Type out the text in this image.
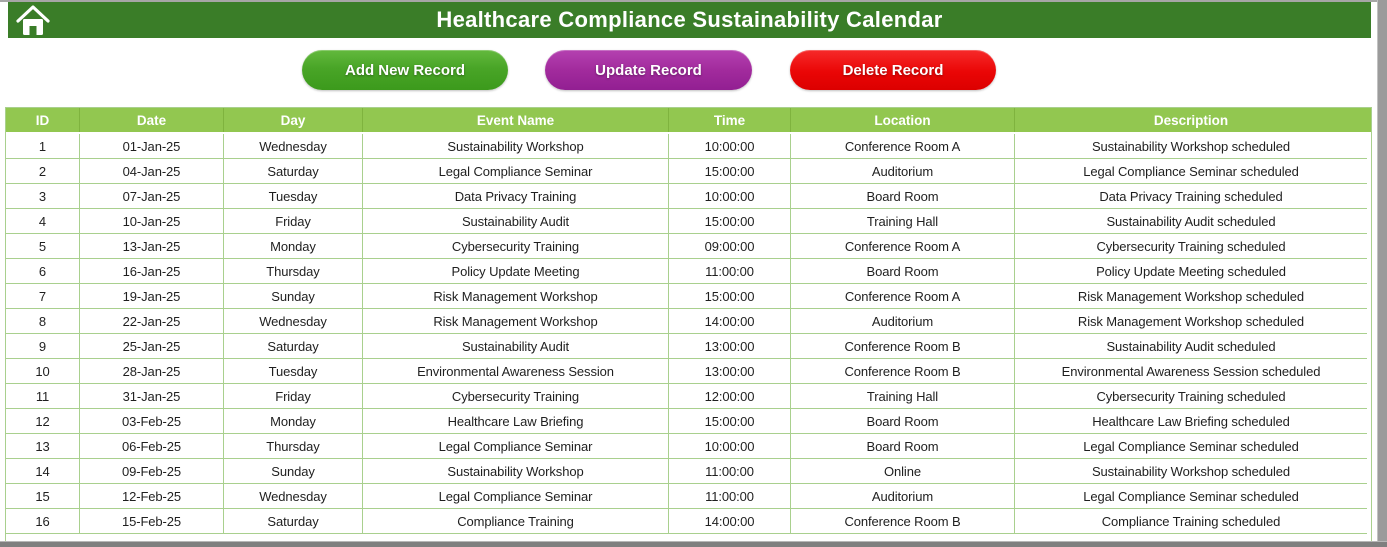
Healthcare Compliance Sustainability Calendar
Add New Record	Update Record	Delete Record
ID	Date	Day	Event Name	Time	Location	Description
1	01-Jan-25	Wednesday	Sustainability Workshop	10:00:00	Conference Room A	Sustainability Workshop scheduled
2	04-Jan-25	Saturday	Legal Compliance Seminar	15:00:00	Auditorium	Legal Compliance Seminar scheduled
3	07-Jan-25	Tuesday	Data Privacy Training	10:00:00	Board Room	Data Privacy Training scheduled
4	10-Jan-25	Friday	Sustainability Audit	15:00:00	Training Hall	Sustainability Audit scheduled
5	13-Jan-25	Monday	Cybersecurity Training	09:00:00	Conference Room A	Cybersecurity Training scheduled
6	16-Jan-25	Thursday	Policy Update Meeting	11:00:00	Board Room	Policy Update Meeting scheduled
7	19-Jan-25	Sunday	Risk Management Workshop	15:00:00	Conference Room A	Risk Management Workshop scheduled
8	22-Jan-25	Wednesday	Risk Management Workshop	14:00:00	Auditorium	Risk Management Workshop scheduled
9	25-Jan-25	Saturday	Sustainability Audit	13:00:00	Conference Room B	Sustainability Audit scheduled
10	28-Jan-25	Tuesday	Environmental Awareness Session	13:00:00	Conference Room B	Environmental Awareness Session scheduled
11	31-Jan-25	Friday	Cybersecurity Training	12:00:00	Training Hall	Cybersecurity Training scheduled
12	03-Feb-25	Monday	Healthcare Law Briefing	15:00:00	Board Room	Healthcare Law Briefing scheduled
13	06-Feb-25	Thursday	Legal Compliance Seminar	10:00:00	Board Room	Legal Compliance Seminar scheduled
14	09-Feb-25	Sunday	Sustainability Workshop	11:00:00	Online	Sustainability Workshop scheduled
15	12-Feb-25	Wednesday	Legal Compliance Seminar	11:00:00	Auditorium	Legal Compliance Seminar scheduled
16	15-Feb-25	Saturday	Compliance Training	14:00:00	Conference Room B	Compliance Training scheduled
